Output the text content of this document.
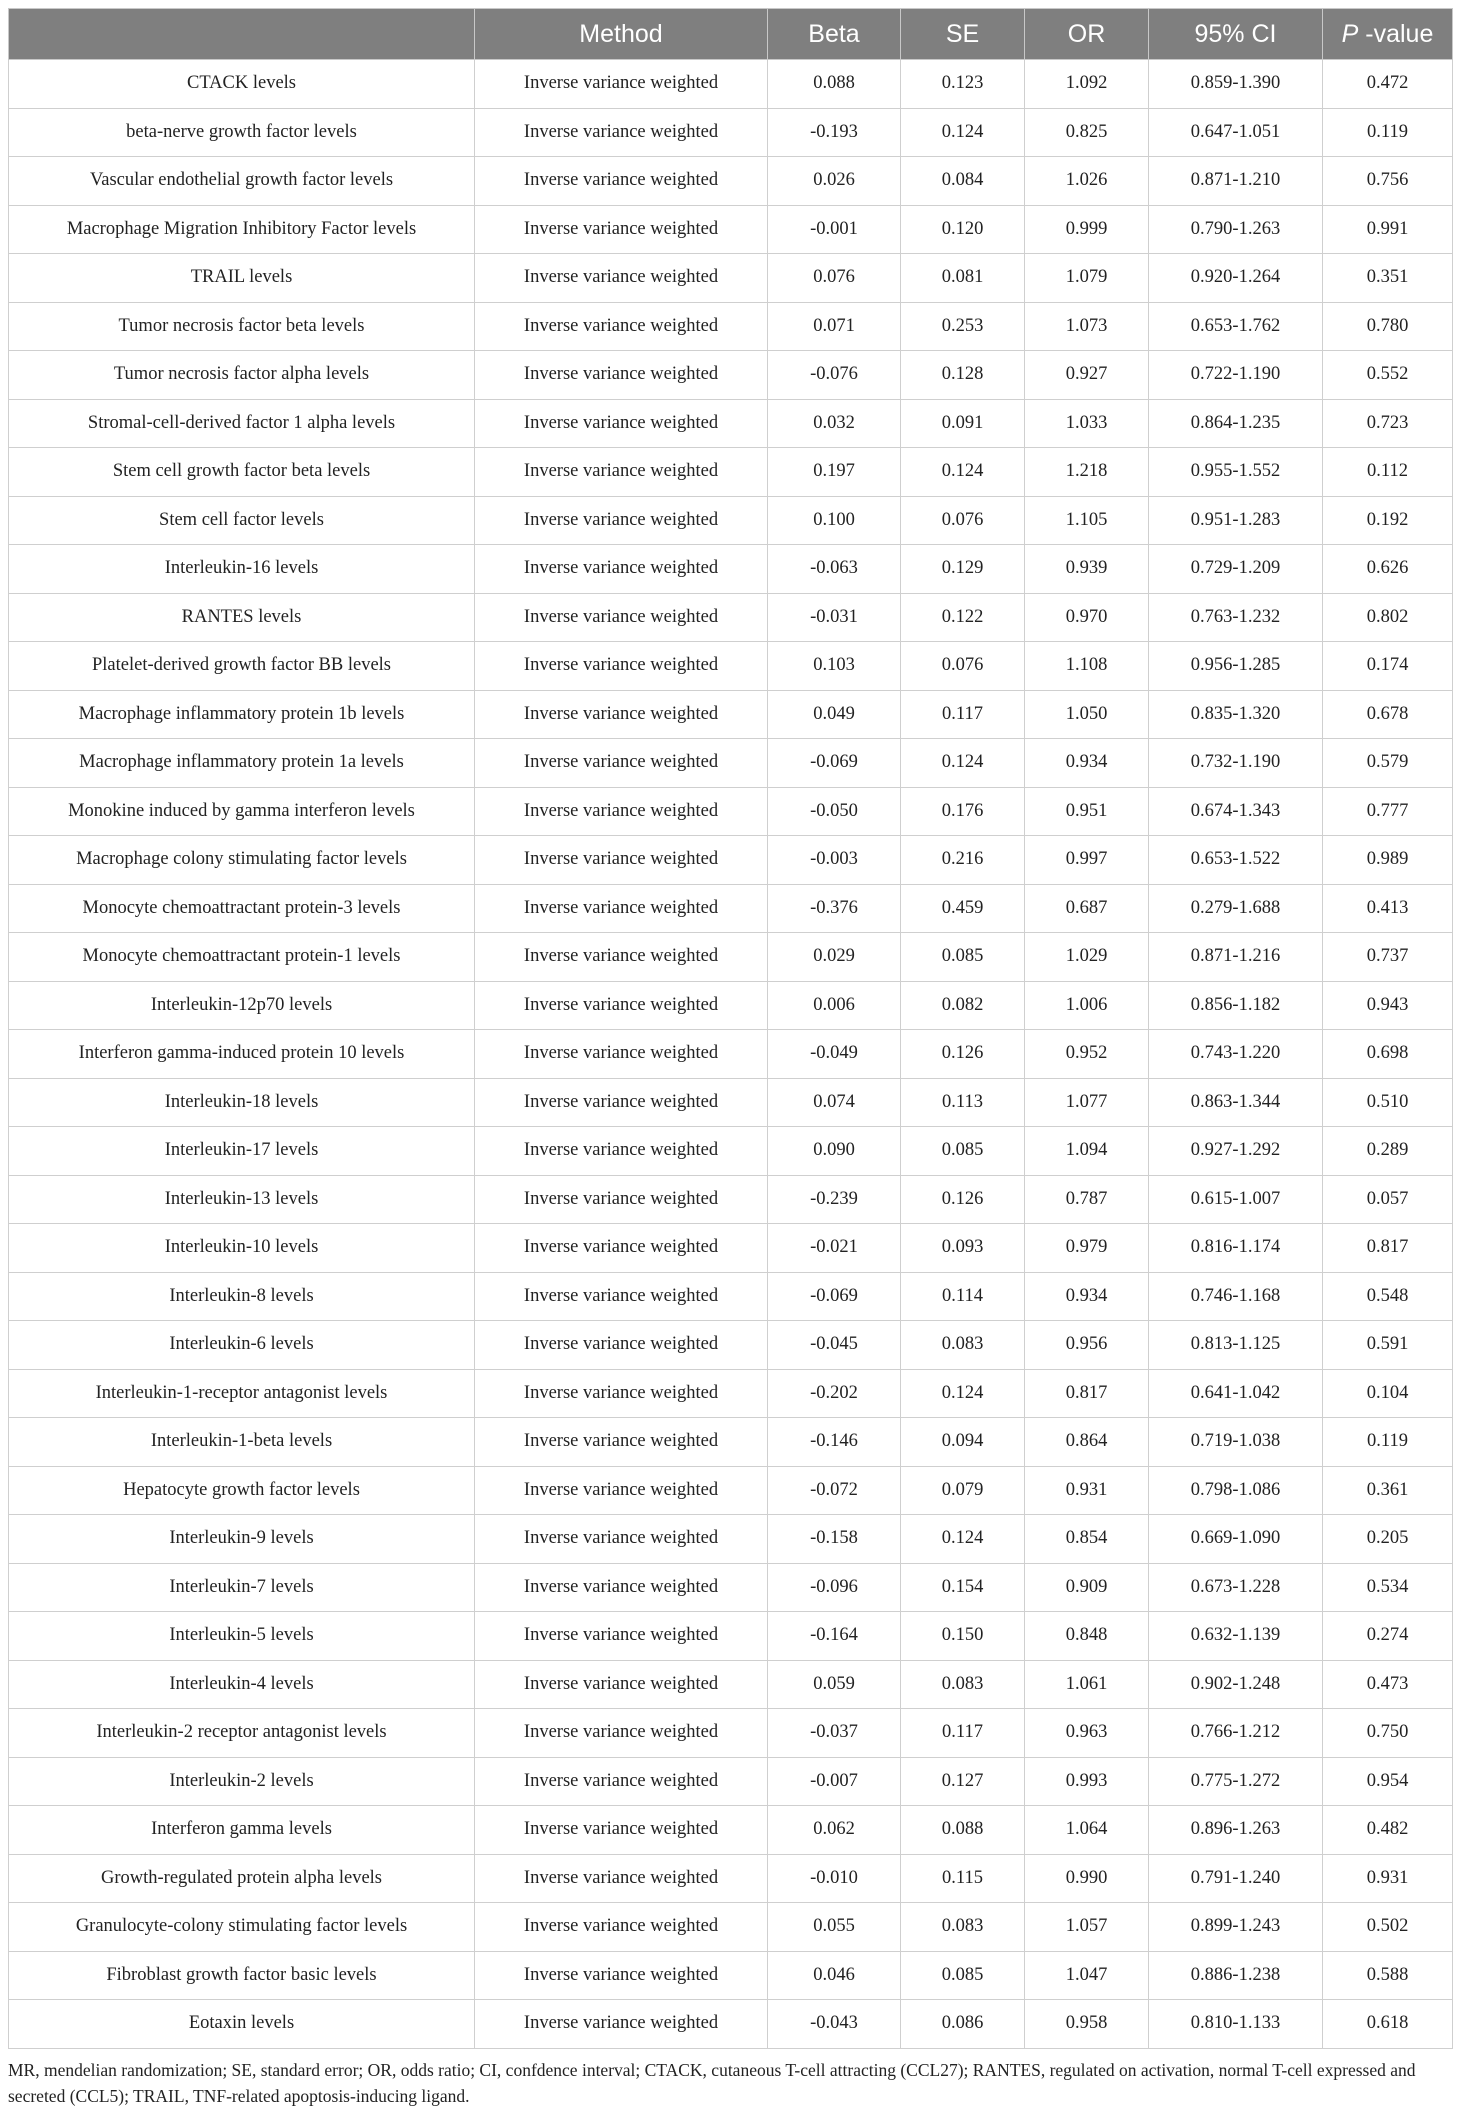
	Method	Beta	SE	OR	95% CI	P -value
CTACK levels	Inverse variance weighted	0.088	0.123	1.092	0.859-1.390	0.472
beta-nerve growth factor levels	Inverse variance weighted	-0.193	0.124	0.825	0.647-1.051	0.119
Vascular endothelial growth factor levels	Inverse variance weighted	0.026	0.084	1.026	0.871-1.210	0.756
Macrophage Migration Inhibitory Factor levels	Inverse variance weighted	-0.001	0.120	0.999	0.790-1.263	0.991
TRAIL levels	Inverse variance weighted	0.076	0.081	1.079	0.920-1.264	0.351
Tumor necrosis factor beta levels	Inverse variance weighted	0.071	0.253	1.073	0.653-1.762	0.780
Tumor necrosis factor alpha levels	Inverse variance weighted	-0.076	0.128	0.927	0.722-1.190	0.552
Stromal-cell-derived factor 1 alpha levels	Inverse variance weighted	0.032	0.091	1.033	0.864-1.235	0.723
Stem cell growth factor beta levels	Inverse variance weighted	0.197	0.124	1.218	0.955-1.552	0.112
Stem cell factor levels	Inverse variance weighted	0.100	0.076	1.105	0.951-1.283	0.192
Interleukin-16 levels	Inverse variance weighted	-0.063	0.129	0.939	0.729-1.209	0.626
RANTES levels	Inverse variance weighted	-0.031	0.122	0.970	0.763-1.232	0.802
Platelet-derived growth factor BB levels	Inverse variance weighted	0.103	0.076	1.108	0.956-1.285	0.174
Macrophage inflammatory protein 1b levels	Inverse variance weighted	0.049	0.117	1.050	0.835-1.320	0.678
Macrophage inflammatory protein 1a levels	Inverse variance weighted	-0.069	0.124	0.934	0.732-1.190	0.579
Monokine induced by gamma interferon levels	Inverse variance weighted	-0.050	0.176	0.951	0.674-1.343	0.777
Macrophage colony stimulating factor levels	Inverse variance weighted	-0.003	0.216	0.997	0.653-1.522	0.989
Monocyte chemoattractant protein-3 levels	Inverse variance weighted	-0.376	0.459	0.687	0.279-1.688	0.413
Monocyte chemoattractant protein-1 levels	Inverse variance weighted	0.029	0.085	1.029	0.871-1.216	0.737
Interleukin-12p70 levels	Inverse variance weighted	0.006	0.082	1.006	0.856-1.182	0.943
Interferon gamma-induced protein 10 levels	Inverse variance weighted	-0.049	0.126	0.952	0.743-1.220	0.698
Interleukin-18 levels	Inverse variance weighted	0.074	0.113	1.077	0.863-1.344	0.510
Interleukin-17 levels	Inverse variance weighted	0.090	0.085	1.094	0.927-1.292	0.289
Interleukin-13 levels	Inverse variance weighted	-0.239	0.126	0.787	0.615-1.007	0.057
Interleukin-10 levels	Inverse variance weighted	-0.021	0.093	0.979	0.816-1.174	0.817
Interleukin-8 levels	Inverse variance weighted	-0.069	0.114	0.934	0.746-1.168	0.548
Interleukin-6 levels	Inverse variance weighted	-0.045	0.083	0.956	0.813-1.125	0.591
Interleukin-1-receptor antagonist levels	Inverse variance weighted	-0.202	0.124	0.817	0.641-1.042	0.104
Interleukin-1-beta levels	Inverse variance weighted	-0.146	0.094	0.864	0.719-1.038	0.119
Hepatocyte growth factor levels	Inverse variance weighted	-0.072	0.079	0.931	0.798-1.086	0.361
Interleukin-9 levels	Inverse variance weighted	-0.158	0.124	0.854	0.669-1.090	0.205
Interleukin-7 levels	Inverse variance weighted	-0.096	0.154	0.909	0.673-1.228	0.534
Interleukin-5 levels	Inverse variance weighted	-0.164	0.150	0.848	0.632-1.139	0.274
Interleukin-4 levels	Inverse variance weighted	0.059	0.083	1.061	0.902-1.248	0.473
Interleukin-2 receptor antagonist levels	Inverse variance weighted	-0.037	0.117	0.963	0.766-1.212	0.750
Interleukin-2 levels	Inverse variance weighted	-0.007	0.127	0.993	0.775-1.272	0.954
Interferon gamma levels	Inverse variance weighted	0.062	0.088	1.064	0.896-1.263	0.482
Growth-regulated protein alpha levels	Inverse variance weighted	-0.010	0.115	0.990	0.791-1.240	0.931
Granulocyte-colony stimulating factor levels	Inverse variance weighted	0.055	0.083	1.057	0.899-1.243	0.502
Fibroblast growth factor basic levels	Inverse variance weighted	0.046	0.085	1.047	0.886-1.238	0.588
Eotaxin levels	Inverse variance weighted	-0.043	0.086	0.958	0.810-1.133	0.618
MR, mendelian randomization; SE, standard error; OR, odds ratio; CI, confdence interval; CTACK, cutaneous T-cell attracting (CCL27); RANTES, regulated on activation, normal T-cell expressed and secreted (CCL5); TRAIL, TNF-related apoptosis-inducing ligand.
